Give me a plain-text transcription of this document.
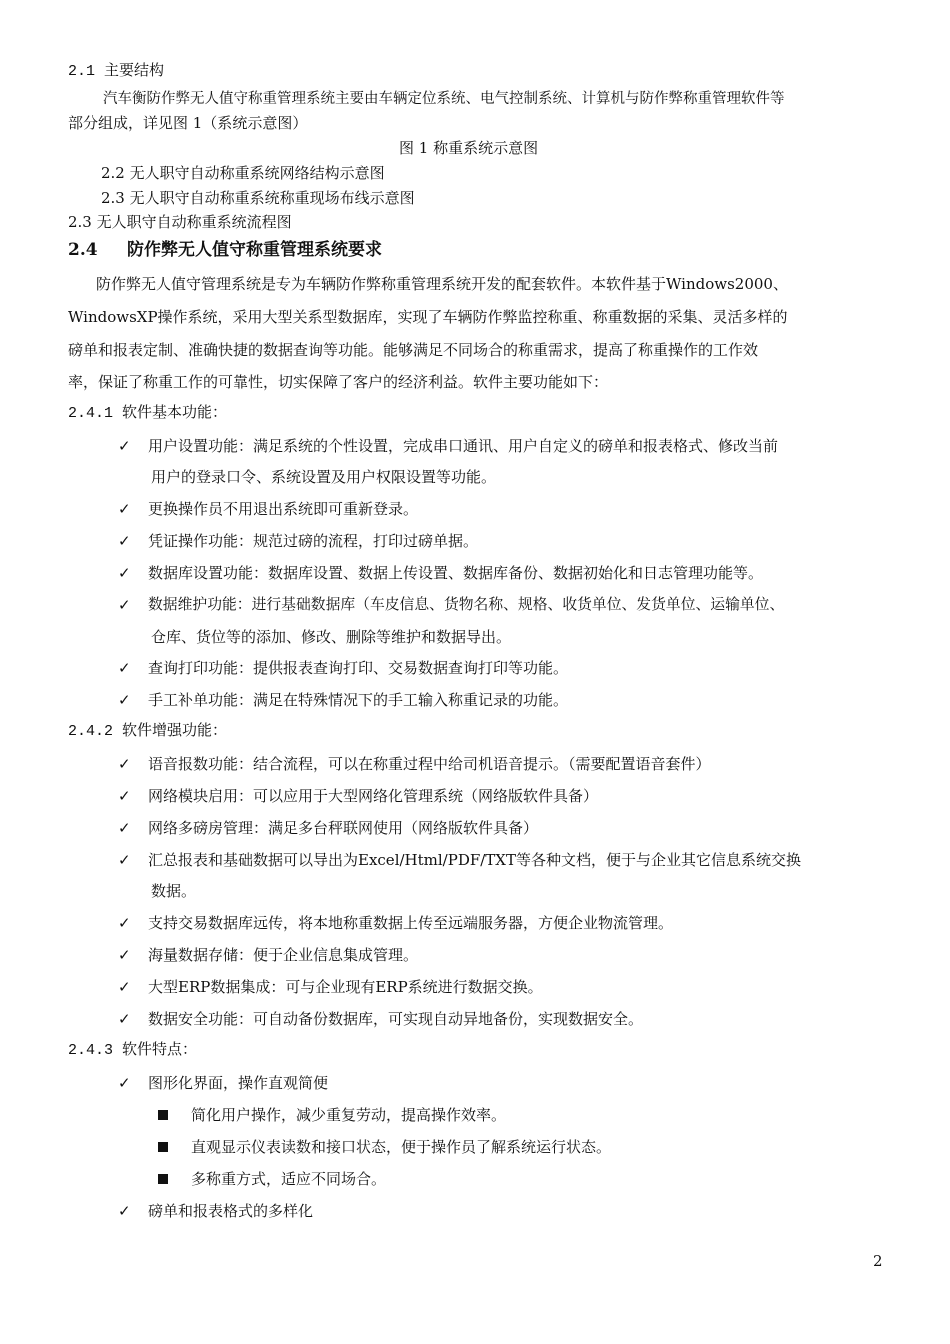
2.1 主要结构
汽车衡防作弊无人值守称重管理系统主要由车辆定位系统、电气控制系统、计算机与防作弊称重管理软件等
部分组成，详见图 1（系统示意图）
图 1 称重系统示意图
2.2 无人职守自动称重系统网络结构示意图
2.3 无人职守自动称重系统称重现场布线示意图
2.3 无人职守自动称重系统流程图
2.4 防作弊无人值守称重管理系统要求
防作弊无人值守管理系统是专为车辆防作弊称重管理系统开发的配套软件。本软件基于Windows2000、
WindowsXP操作系统，采用大型关系型数据库，实现了车辆防作弊监控称重、称重数据的采集、灵活多样的
磅单和报表定制、准确快捷的数据查询等功能。能够满足不同场合的称重需求，提高了称重操作的工作效
率，保证了称重工作的可靠性，切实保障了客户的经济利益。软件主要功能如下：
2.4.1 软件基本功能：
✓ 用户设置功能：满足系统的个性设置，完成串口通讯、用户自定义的磅单和报表格式、修改当前
用户的登录口令、系统设置及用户权限设置等功能。
✓ 更换操作员不用退出系统即可重新登录。
✓ 凭证操作功能：规范过磅的流程，打印过磅单据。
✓ 数据库设置功能：数据库设置、数据上传设置、数据库备份、数据初始化和日志管理功能等。
✓ 数据维护功能：进行基础数据库（车皮信息、货物名称、规格、收货单位、发货单位、运输单位、
仓库、货位等的添加、修改、删除等维护和数据导出。
✓ 查询打印功能：提供报表查询打印、交易数据查询打印等功能。
✓ 手工补单功能：满足在特殊情况下的手工输入称重记录的功能。
2.4.2 软件增强功能：
✓ 语音报数功能：结合流程，可以在称重过程中给司机语音提示。（需要配置语音套件）
✓ 网络模块启用：可以应用于大型网络化管理系统（网络版软件具备）
✓ 网络多磅房管理：满足多台秤联网使用（网络版软件具备）
✓ 汇总报表和基础数据可以导出为Excel/Html/PDF/TXT等各种文档，便于与企业其它信息系统交换
数据。
✓ 支持交易数据库远传，将本地称重数据上传至远端服务器，方便企业物流管理。
✓ 海量数据存储：便于企业信息集成管理。
✓ 大型ERP数据集成：可与企业现有ERP系统进行数据交换。
✓ 数据安全功能：可自动备份数据库，可实现自动异地备份，实现数据安全。
2.4.3 软件特点：
✓ 图形化界面，操作直观简便
简化用户操作，减少重复劳动，提高操作效率。
直观显示仪表读数和接口状态，便于操作员了解系统运行状态。
多称重方式，适应不同场合。
✓ 磅单和报表格式的多样化
2
